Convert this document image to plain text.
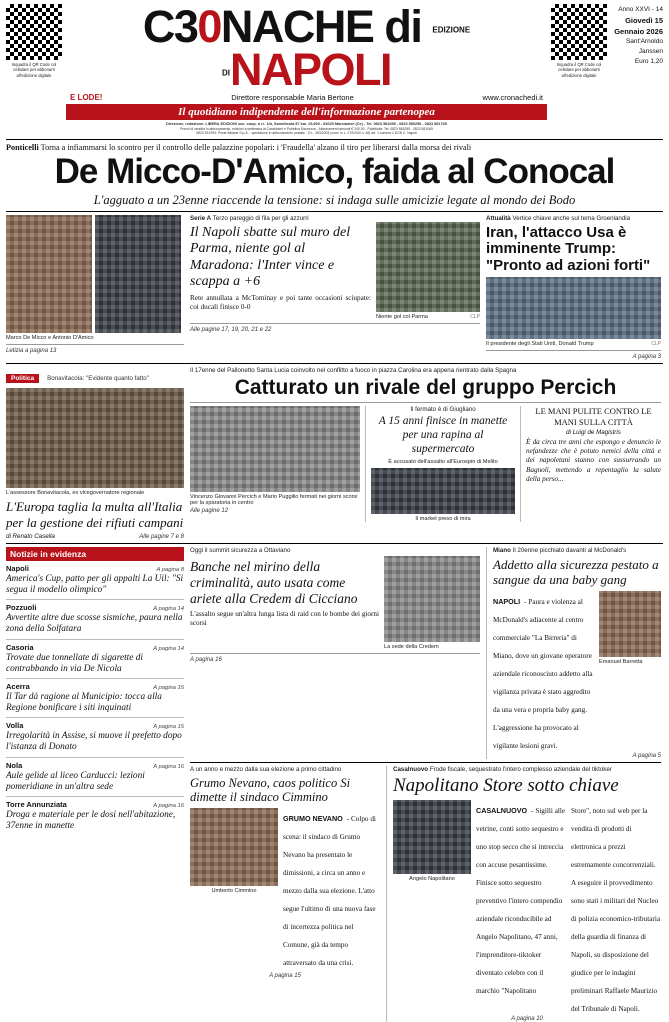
Inquadra il QR Code col cellulare per abbonarti all'edizione digitale
C30NACHE di EDIZIONE DINAPOLI
E LODE!	Direttore responsabile Maria Bertone	www.cronachedi.it
Il quotidiano indipendente dell'informazione partenopea
Direzione, redazione: LIBERA EDIZIONI soc. coop. a r.l. 1/b, Sanniticola 87 km. 29,800 - 81025 Marcianise (Ce) - Tel. 0823 581055 - 0823 580255 - 0823 581765
Prezzi di vendita in abbonamento, edizioni a settimana ai Carabinieri e Pubblica Sicurezza - Abbonamenti annuali € 240,00 - Pubblicità: Tel. 0823 581055 - 0823 581065
0823 921993: Poste Italiane S.p.A. - spedizione in abbonamento postale - D.L. 353/2003 (conv. in L. 27/02/04 n. 46) art. 1 comma 1 DCB C. Napoli
Inquadra il QR Code col cellulare per abbonarti all'edizione digitale
Anno XXVI - 14
Giovedì 15 Gennaio 2026
Sant'Arnoldo Janssen
Euro 1,20
Ponticelli Torna a infiammarsi lo scontro per il controllo delle palazzine popolari: i 'Fraudella' alzano il tiro per liberarsi dalla morsa dei rivali
De Micco-D'Amico, faida al Conocal
L'agguato a un 23enne riaccende la tensione: si indaga sulle amicizie legate al mondo dei Bodo
Marco De Micco e Antonio D'Amico
Letizia a pagina 13
Serie A Terzo pareggio di fila per gli azzurri
Il Napoli sbatte sul muro del Parma, niente gol al Maradona: l'Inter vince e scappa a +6
Rete annullata a McTominay e poi tante occasioni sciupate: coi ducali finisce 0-0
Niente gol col Parma	CLP
Alle pagine 17, 19, 20, 21 e 22
Attualità Vertice chiave anche sul tema Groenlandia
Iran, l'attacco Usa è imminente Trump: "Pronto ad azioni forti"
Il presidente degli Stati Uniti, Donald Trump	CLP
A pagina 3
Politica Bonavitacola: "Evidente quanto fatto"
L'assessore Bonavitacola, ex vicegovernatore regionale
L'Europa taglia la multa all'Italia per la gestione dei rifiuti campani
di Renato Casella	Alle pagine 7 e 8
Il 17enne del Pallonetto Santa Lucia coinvolto nel conflitto a fuoco in piazza Carolina era appena rientrato dalla Spagna
Catturato un rivale del gruppo Percich
Vincenzo Giovanni Percich e Mario Puggilio fermati nei giorni scorsi per la sparatoria in centro
Alle pagine 12
Il fermato è di Giugliano
A 15 anni finisce in manette per una rapina al supermercato
È accusato dell'assalto all'Eurospin di Melito
Il market preso di mira
LE MANI PULITE CONTRO LE MANI SULLA CITTÀ
di Luigi de Magistris
È da circa tre anni che espongo e denuncio le nefandezze che è potuto nemici della città e dei napoletani stanno con sussurrando un Bagnoli, mettendo a repentaglio la salute della perso...
Notizie in evidenza
Napoli	A pagina 8
America's Cup, patto per gli appalti La Uil: "Si segua il modello olimpico"
Pozzuoli	A pagina 14
Avvertite altre due scosse sismiche, paura nella zona della Solfatara
Casoria	A pagina 14
Trovate due tonnellate di sigarette di contrabbando in via De Nicola
Acerra	A pagina 15
Il Tar dà ragione al Municipio: tocca alla Regione bonificare i siti inquinati
Volla	A pagina 15
Irregolarità in Assise, si muove il prefetto dopo l'istanza di Donato
Nola	A pagina 16
Aule gelide al liceo Carducci: lezioni pomeridiane in un'altra sede
Torre Annunziata	A pagina 16
Droga e materiale per le dosi nell'abitazione, 37enne in manette
Oggi il summit sicurezza a Ottaviano
Banche nel mirino della criminalità, auto usata come ariete alla Credem di Cicciano
L'assalto segue un'altra lunga lista di raid con le bombe dei giorni scorsi
La sede della Credem
A pagina 16
Miano Il 20enne picchiato davanti al McDonald's
Addetto alla sicurezza pestato a sangue da una baby gang
NAPOLI - Paura e violenza al McDonald's adiacente al centro commerciale "La Birreria" di Miano, dove un giovane operatore aziendale riconosciuto addetto alla vigilanza privata è stato aggredito da una vera e propria baby gang. L'aggressione ha provocato al vigilante lesioni gravi.
Emanuel Barretta
A pagina 5
A un anno e mezzo dalla sua elezione a primo cittadino
Grumo Nevano, caos politico Si dimette il sindaco Cimmino
Umberto Cimmino
GRUMO NEVANO - Colpo di scena: il sindaco di Grumo Nevano ha presentato le dimissioni, a circa un anno e mezzo dalla sua elezione. L'atto segue l'ultimo di una nuova fase di incertezza politica nel Comune, già da tempo attraversato da una crisi.
A pagina 15
Casalnuovo Frode fiscale, sequestrato l'intero complesso aziendale del tiktoker
Napolitano Store sotto chiave
Angelo Napolitano
CASALNUOVO - Sigilli alle vetrine, conti sotto sequestro e uno stop secco che si intreccia con accuse pesantissime. Finisce sotto sequestro preventivo l'intero compendio aziendale riconducibile ad Angelo Napolitano, 47 anni, l'imprenditore-tiktoker diventato celebre con il marchio "Napolitano
Store", noto sul web per la vendita di prodotti di elettronica a prezzi estremamente concorrenziali. A eseguire il provvedimento sono stati i militari del Nucleo di polizia economico-tributaria della guardia di finanza di Napoli, su disposizione del giudice per le indagini preliminari Raffaele Maurizio del Tribunale di Napoli.
A pagina 10
